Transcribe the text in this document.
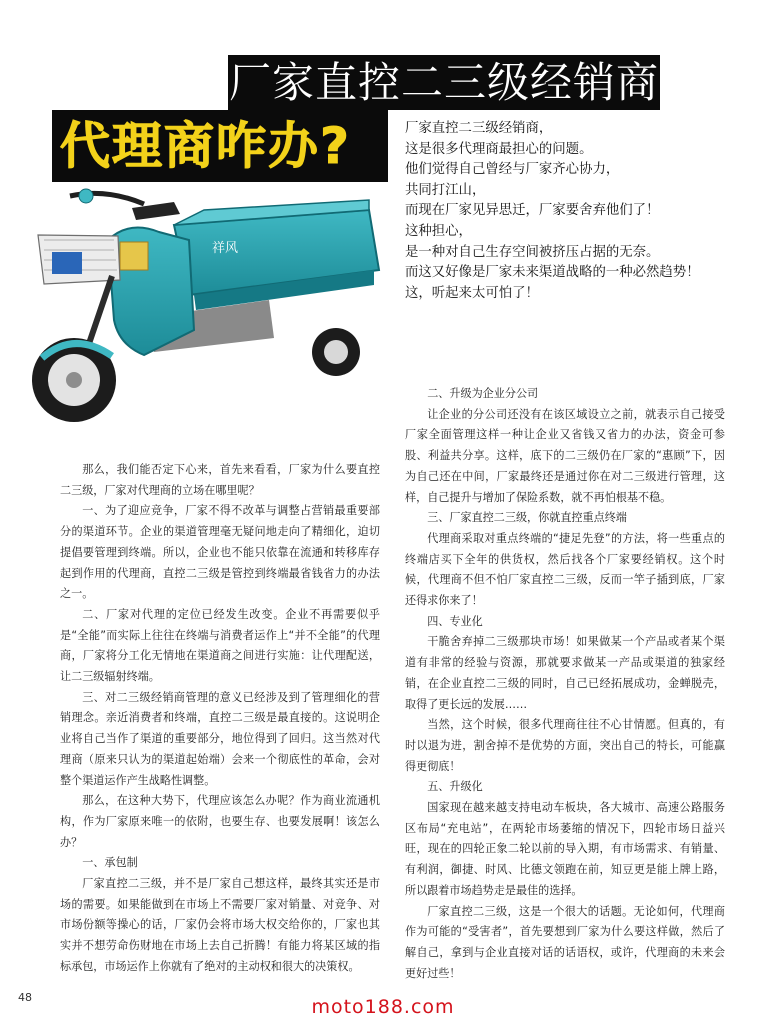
厂家直控二三级经销商
代理商咋办?	厂家直控二三级经销商，

这是很多代理商最担心的问题。

他们觉得自己曾经与厂家齐心协力，

共同打江山，

而现在厂家见异思迁，厂家要舍弃他们了！

这种担心，

是一种对自己生存空间被挤压占据的无奈。

而这又好像是厂家未来渠道战略的一种必然趋势！

这，听起来太可怕了！

祥风

那么，我们能否定下心来，首先来看看，厂家为什么要直控二三级，厂家对代理商的立场在哪里呢？

一、为了迎应竞争，厂家不得不改革与调整占营销最重要部分的渠道环节。企业的渠道管理毫无疑问地走向了精细化，迫切提倡要管理到终端。所以，企业也不能只依靠在流通和转移库存起到作用的代理商，直控二三级是管控到终端最省钱省力的办法之一。

二、厂家对代理的定位已经发生改变。企业不再需要似乎是“全能”而实际上往往在终端与消费者运作上“并不全能”的代理商，厂家将分工化无情地在渠道商之间进行实施：让代理配送，让二三级辐射终端。

三、对二三级经销商管理的意义已经涉及到了管理细化的营销理念。亲近消费者和终端，直控二三级是最直接的。这说明企业将自己当作了渠道的重要部分，地位得到了回归。这当然对代理商（原来只认为的渠道起始端）会来一个彻底性的革命，会对整个渠道运作产生战略性调整。

那么，在这种大势下，代理应该怎么办呢？作为商业流通机构，作为厂家原来唯一的依附，也要生存、也要发展啊！该怎么办？

一、承包制

厂家直控二三级，并不是厂家自己想这样，最终其实还是市场的需要。如果能做到在市场上不需要厂家对销量、对竞争、对市场份额等操心的话，厂家仍会将市场大权交给你的，厂家也其实并不想劳命伤财地在市场上去自己折腾！有能力将某区域的指标承包，市场运作上你就有了绝对的主动权和很大的决策权。

二、升级为企业分公司

让企业的分公司还没有在该区域设立之前，就表示自己接受厂家全面管理这样一种让企业又省钱又省力的办法，资金可参股、利益共分享。这样，底下的二三级仍在厂家的“惠顾”下，因为自己还在中间，厂家最终还是通过你在对二三级进行管理，这样，自己提升与增加了保险系数，就不再怕根基不稳。

三、厂家直控二三级，你就直控重点终端

代理商采取对重点终端的“捷足先登”的方法，将一些重点的终端店买下全年的供货权，然后找各个厂家要经销权。这个时候，代理商不但不怕厂家直控二三级，反而一竿子插到底，厂家还得求你来了！

四、专业化

干脆舍弃掉二三级那块市场！如果做某一个产品或者某个渠道有非常的经验与资源，那就要求做某一产品或渠道的独家经销，在企业直控二三级的同时，自己已经拓展成功，金蝉脱壳，取得了更长远的发展……

当然，这个时候，很多代理商往往不心甘情愿。但真的，有时以退为进，割舍掉不是优势的方面，突出自己的特长，可能赢得更彻底！

五、升级化

国家现在越来越支持电动车板块，各大城市、高速公路服务区布局“充电站”，在两轮市场萎缩的情况下，四轮市场日益兴旺，现在的四轮正象二轮以前的导入期，有市场需求、有销量、有利润，御捷、时风、比德文领跑在前，知豆更是能上牌上路，所以跟着市场趋势走是最佳的选择。

厂家直控二三级，这是一个很大的话题。无论如何，代理商作为可能的“受害者”，首先要想到厂家为什么要这样做，然后了解自己，拿到与企业直接对话的话语权，或许，代理商的未来会更好过些！

48	moto188.com
